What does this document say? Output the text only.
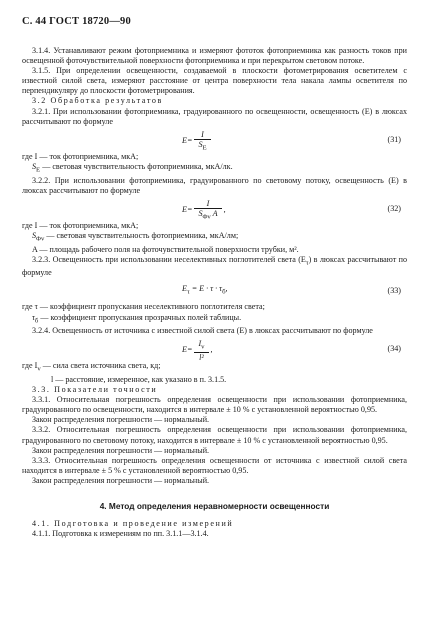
С. 44 ГОСТ 18720—90

3.1.4. Устанавливают режим фотоприемника и измеряют фототок фотоприемника как разность токов при освещенной фоточувствительной поверхности фотоприемника и при перекрытом световом потоке.

3.1.5. При определении освещенности, создаваемой в плоскости фотометрирования осветителем с известной силой света, измеряют расстояние от центра поверхности тела накала лампы осветителя по перпендикуляру до плоскости фотометрирования.

3.2 Обработка результатов

3.2.1. При использовании фотоприемника, градуированного по освещенности, освещенность (E) в люксах рассчитывают по формуле

$E= \frac{I}{S_E}$	(31)

где I — ток фотоприемника, мкА;

$S_E$ — световая чувствительность фотоприемника, мкА/лк.

3.2.2. При использовании фотоприемника, градуированного по световому потоку, освещенность (E) в люксах рассчитывают по формуле

$E= \frac{I}{S_{\Phi v} A}$ ,	(32)

где I — ток фотоприемника, мкА;

$S_{\Phi v}$ — световая чувствительность фотоприемника, мкА/лм;

A — площадь рабочего поля на фоточувствительной поверхности трубки, м².

3.2.3. Освещенность при использовании неселективных поглотителей света $(E_\tau)$ в люксах рассчитывают по формуле

$E_\tau = E \cdot \tau \cdot \tau_б$,	(33)

где τ — коэффициент пропускания неселективного поглотителя света;

$\tau_б$ — коэффициент пропускания прозрачных полей таблицы.

3.2.4. Освещенность от источника с известной силой света (E) в люксах рассчитывают по формуле

$E= \frac{I_v}{\text{l²}}$ ,	(34)

где $I_v$ — сила света источника света, кд;

l — расстояние, измеренное, как указано в п. 3.1.5.

3.3. Показатели точности

3.3.1. Относительная погрешность определения освещенности при использовании фотоприемника, градуированного по освещенности, находится в интервале ± 10 % с установленной вероятностью 0,95.

Закон распределения погрешности — нормальный.

3.3.2. Относительная погрешность определения освещенности при использовании фотоприемника, градуированного по световому потоку, находится в интервале ± 10 % с установленной вероятностью 0,95.

Закон распределения погрешности — нормальный.

3.3.3. Относительная погрешность определения освещенности от источника с известной силой света находится в интервале ± 5 % с установленной вероятностью 0,95.

Закон распределения погрешности — нормальный.

4. Метод определения неравномерности освещенности

4.1. Подготовка и проведение измерений

4.1.1. Подготовка к измерениям по пп. 3.1.1—3.1.4.
